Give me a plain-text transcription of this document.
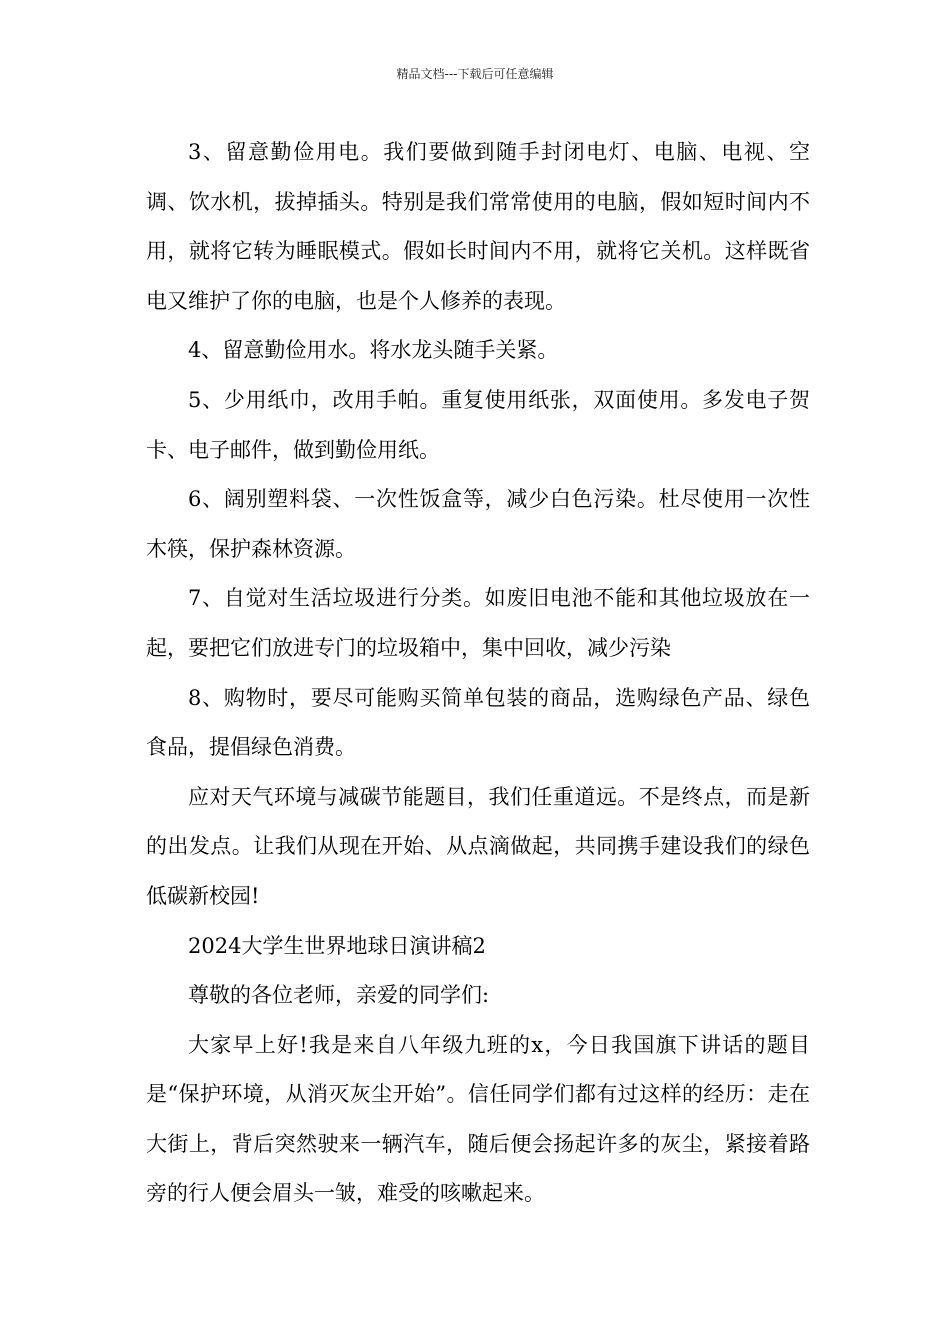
精品文档---下载后可任意编辑

3、留意勤俭用电。我们要做到随手封闭电灯、电脑、电视、空调、饮水机，拔掉插头。特别是我们常常使用的电脑，假如短时间内不用，就将它转为睡眠模式。假如长时间内不用，就将它关机。这样既省电又维护了你的电脑，也是个人修养的表现。

4、留意勤俭用水。将水龙头随手关紧。

5、少用纸巾，改用手帕。重复使用纸张，双面使用。多发电子贺卡、电子邮件，做到勤俭用纸。

6、阔别塑料袋、一次性饭盒等，减少白色污染。杜尽使用一次性木筷，保护森林资源。

7、自觉对生活垃圾进行分类。如废旧电池不能和其他垃圾放在一起，要把它们放进专门的垃圾箱中，集中回收，减少污染

8、购物时，要尽可能购买简单包装的商品，选购绿色产品、绿色食品，提倡绿色消费。

应对天气环境与减碳节能题目，我们任重道远。不是终点，而是新的出发点。让我们从现在开始、从点滴做起，共同携手建设我们的绿色低碳新校园!

2024大学生世界地球日演讲稿2

尊敬的各位老师，亲爱的同学们:

大家早上好!我是来自八年级九班的x，今日我国旗下讲话的题目是“保护环境，从消灭灰尘开始”。信任同学们都有过这样的经历：走在大街上，背后突然驶来一辆汽车，随后便会扬起许多的灰尘，紧接着路旁的行人便会眉头一皱，难受的咳嗽起来。
